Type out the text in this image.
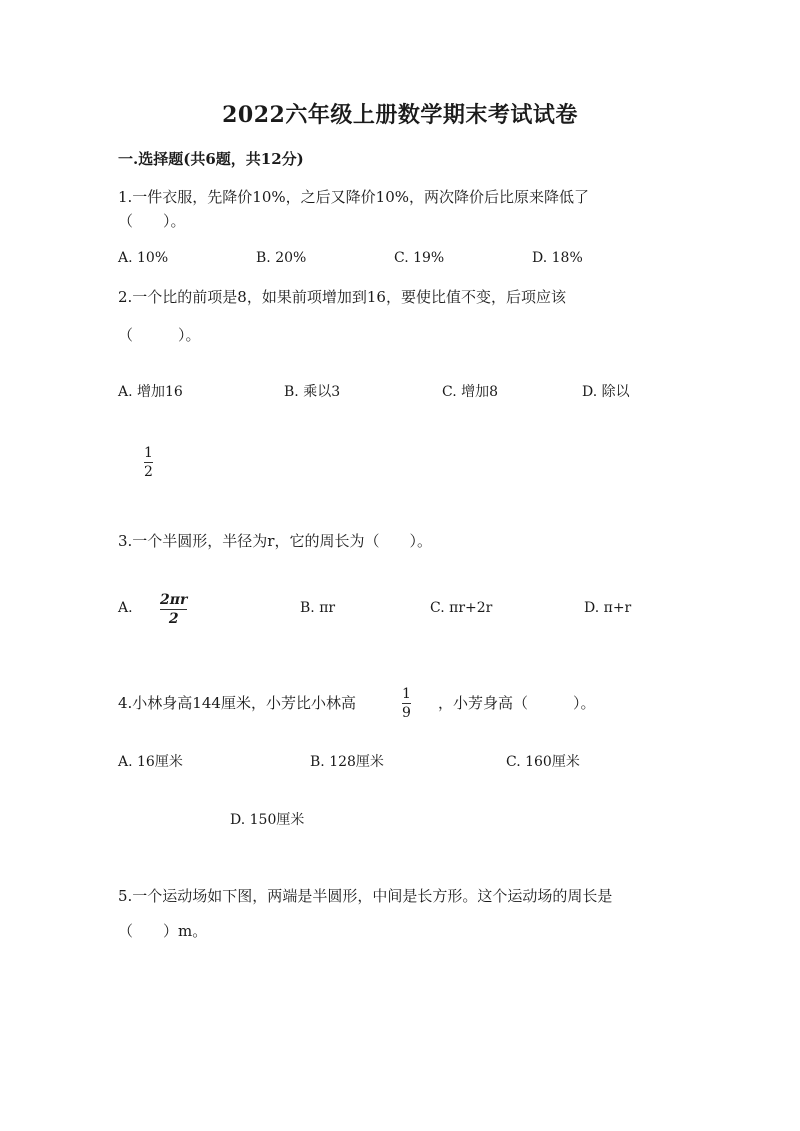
2022六年级上册数学期末考试试卷
一.选择题(共6题，共12分)
1.一件衣服，先降价10%，之后又降价10%，两次降价后比原来降低了
（　　）。
A. 10%	B. 20%	C. 19%	D. 18%
2.一个比的前项是8，如果前项增加到16，要使比值不变，后项应该
（　　　）。
A. 增加16	B. 乘以3	C. 增加8	D. 除以
1
2
3.一个半圆形，半径为r，它的周长为（　　）。
A. 2πr
2
B. πr	C. πr+2r	D. π+r
4.小林身高144厘米，小芳比小林高	1
9
，小芳身高（　　　）。
A. 16厘米	B. 128厘米	C. 160厘米
D. 150厘米
5.一个运动场如下图，两端是半圆形，中间是长方形。这个运动场的周长是
（　　）m。
